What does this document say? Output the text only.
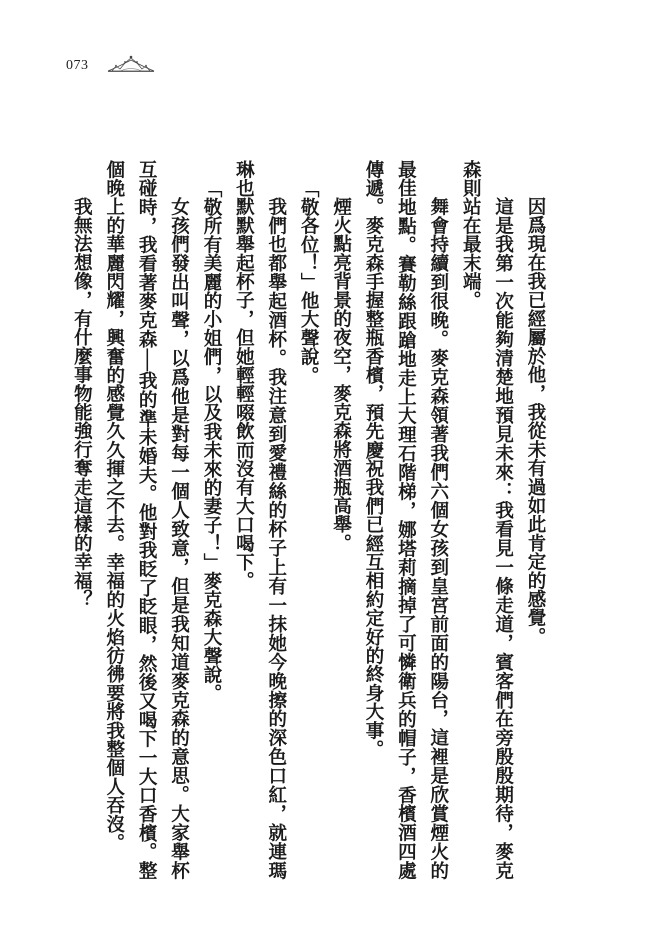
073

因爲現在我已經屬於他，我從未有過如此肯定的感覺。

這是我第一次能夠清楚地預見未來：我看見一條走道，賓客們在旁殷殷期待，麥克森則站在最末端。

舞會持續到很晚。麥克森領著我們六個女孩到皇宮前面的陽台，這裡是欣賞煙火的最佳地點。賽勒絲跟蹌地走上大理石階梯，娜塔莉摘掉了可憐衛兵的帽子，香檳酒四處傳遞。麥克森手握整瓶香檳，預先慶祝我們已經互相約定好的終身大事。

煙火點亮背景的夜空，麥克森將酒瓶高舉。

「敬各位！」他大聲說。

我們也都舉起酒杯。我注意到愛禮絲的杯子上有一抹她今晚擦的深色口紅，就連瑪琳也默默舉起杯子，但她輕輕啜飲而沒有大口喝下。

「敬所有美麗的小姐們，以及我未來的妻子！」麥克森大聲說。

女孩們發出叫聲，以爲他是對每一個人致意，但是我知道麥克森的意思。大家舉杯互碰時，我看著麥克森──我的準未婚夫。他對我眨了眨眼，然後又喝下一大口香檳。整個晚上的華麗閃耀，興奮的感覺久久揮之不去。幸福的火焰彷彿要將我整個人吞沒。

我無法想像，有什麼事物能強行奪走這樣的幸福？
